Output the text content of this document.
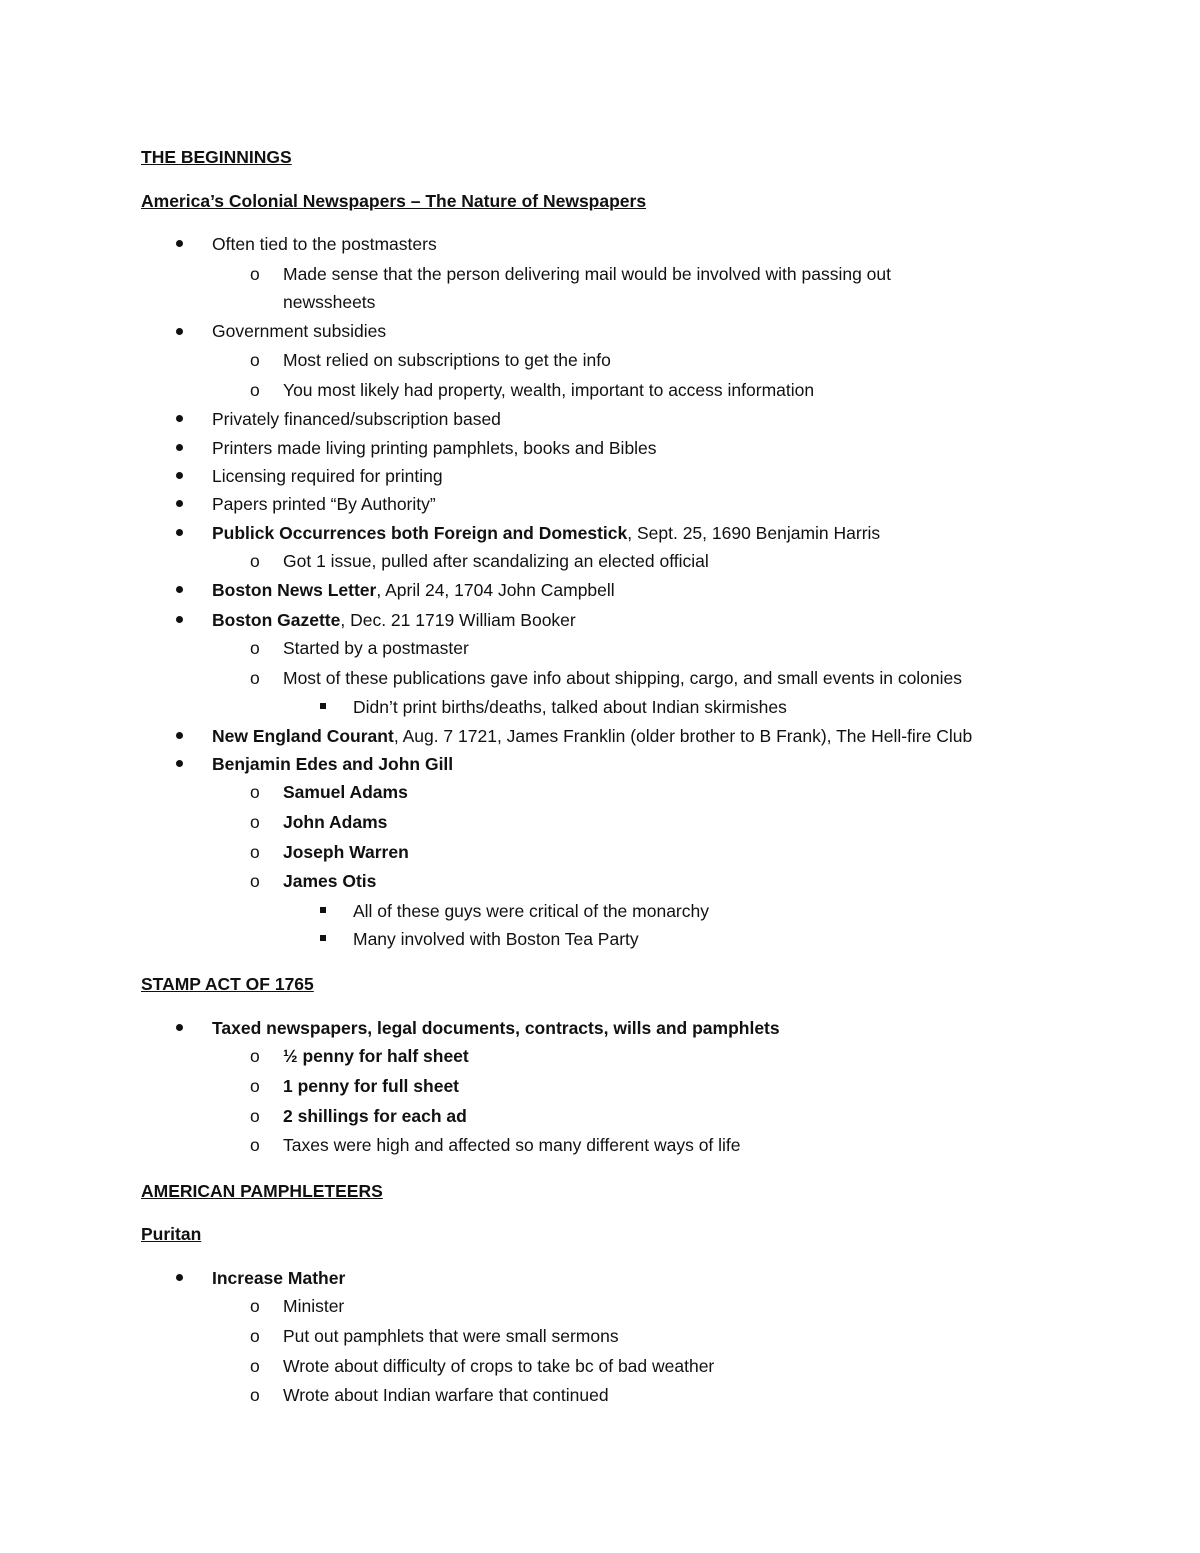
THE BEGINNINGS
America’s Colonial Newspapers – The Nature of Newspapers
Often tied to the postmasters
o Made sense that the person delivering mail would be involved with passing out
newssheets
Government subsidies
o Most relied on subscriptions to get the info
o You most likely had property, wealth, important to access information
Privately financed/subscription based
Printers made living printing pamphlets, books and Bibles
Licensing required for printing
Papers printed “By Authority”
Publick Occurrences both Foreign and Domestick, Sept. 25, 1690 Benjamin Harris
o Got 1 issue, pulled after scandalizing an elected official
Boston News Letter, April 24, 1704 John Campbell
Boston Gazette, Dec. 21 1719 William Booker
o Started by a postmaster
o Most of these publications gave info about shipping, cargo, and small events in colonies
Didn’t print births/deaths, talked about Indian skirmishes
New England Courant, Aug. 7 1721, James Franklin (older brother to B Frank), The Hell-fire Club
Benjamin Edes and John Gill
o Samuel Adams
o John Adams
o Joseph Warren
o James Otis
All of these guys were critical of the monarchy
Many involved with Boston Tea Party
STAMP ACT OF 1765
Taxed newspapers, legal documents, contracts, wills and pamphlets
o ½ penny for half sheet
o 1 penny for full sheet
o 2 shillings for each ad
o Taxes were high and affected so many different ways of life
AMERICAN PAMPHLETEERS
Puritan
Increase Mather
o Minister
o Put out pamphlets that were small sermons
o Wrote about difficulty of crops to take bc of bad weather
o Wrote about Indian warfare that continued
